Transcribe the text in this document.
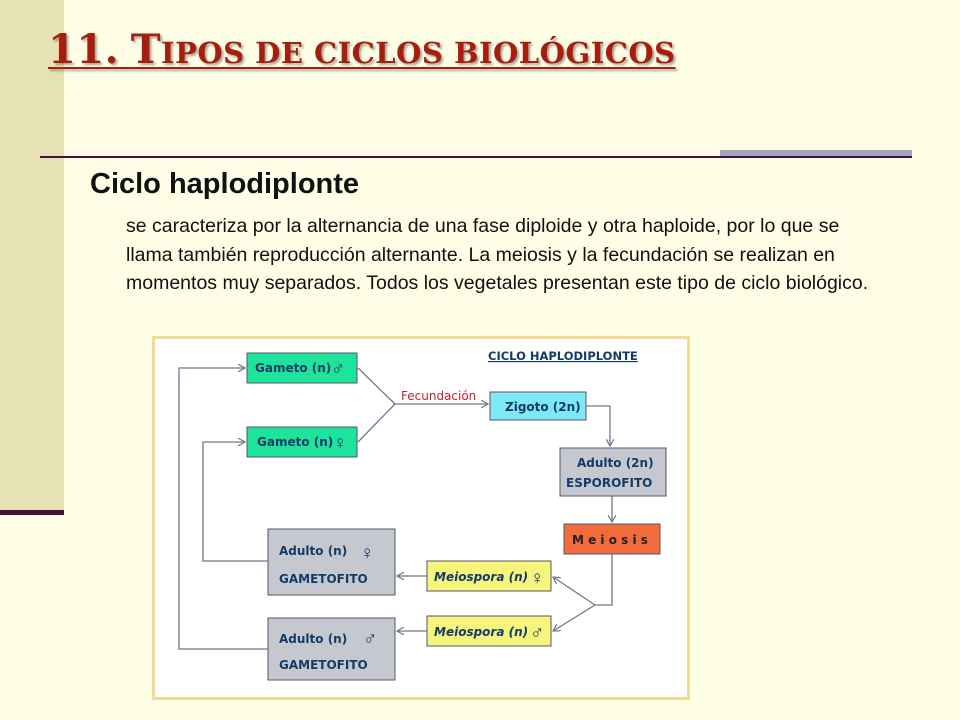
11. TIPOS DE CICLOS BIOLÓGICOS
Ciclo haplodiplonte

se caracteriza por la alternancia de una fase diploide y otra haploide, por lo que se llama también reproducción alternante. La meiosis y la fecundación se realizan en momentos muy separados. Todos los vegetales presentan este tipo de ciclo biológico.

CICLO HAPLODIPLONTE
Gameto (n) ♂
Gameto (n) ♀
Fecundación
Zigoto (2n)
Adulto (2n)
ESPOROFITO
M e i o s i s
Meiospora (n) ♀
Meiospora (n) ♂
Adulto (n) ♀
GAMETOFITO
Adulto (n) ♂
GAMETOFITO
